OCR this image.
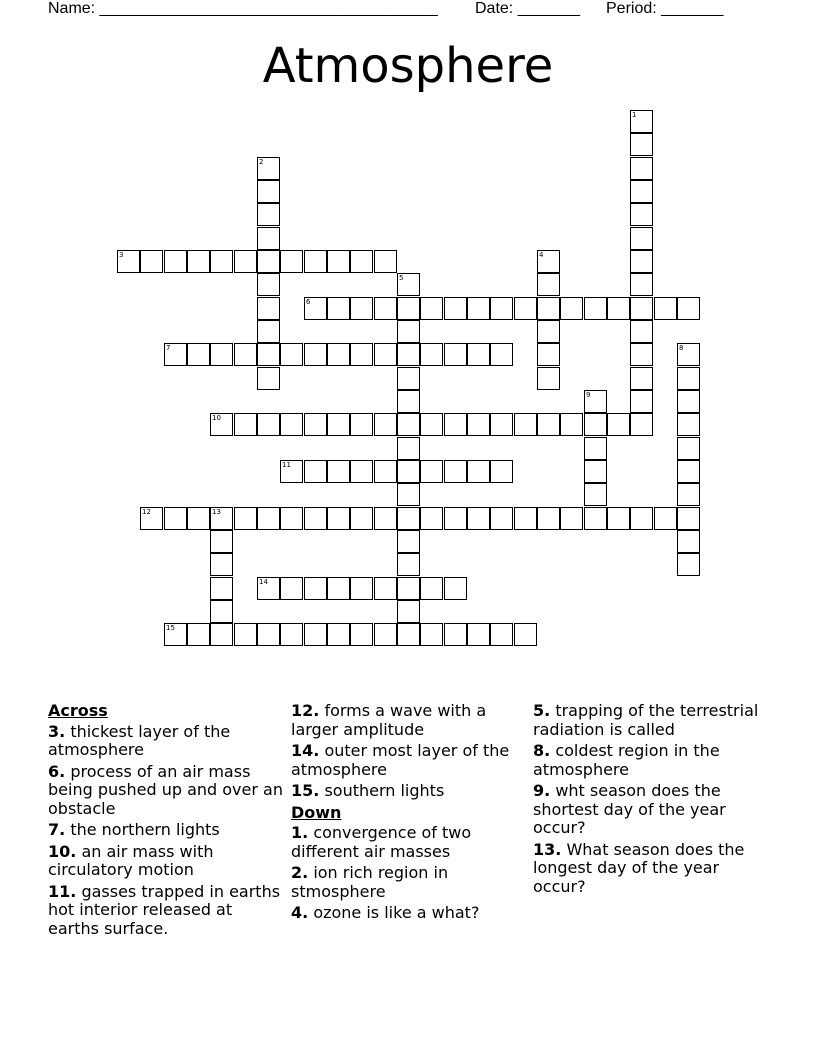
Name: ______________________________________ Date: _______ Period: _______
Atmosphere
1
2
3	4
5
6
7	8
9
10
11
12	13
14
15
Across
3. thickest layer of the atmosphere
6. process of an air mass being pushed up and over an obstacle
7. the northern lights
10. an air mass with circulatory motion
11. gasses trapped in earths hot interior released at earths surface.
12. forms a wave with a larger amplitude
14. outer most layer of the atmosphere
15. southern lights
Down
1. convergence of two different air masses
2. ion rich region in stmosphere
4. ozone is like a what?
5. trapping of the terrestrial radiation is called
8. coldest region in the atmosphere
9. wht season does the shortest day of the year occur?
13. What season does the longest day of the year occur?
